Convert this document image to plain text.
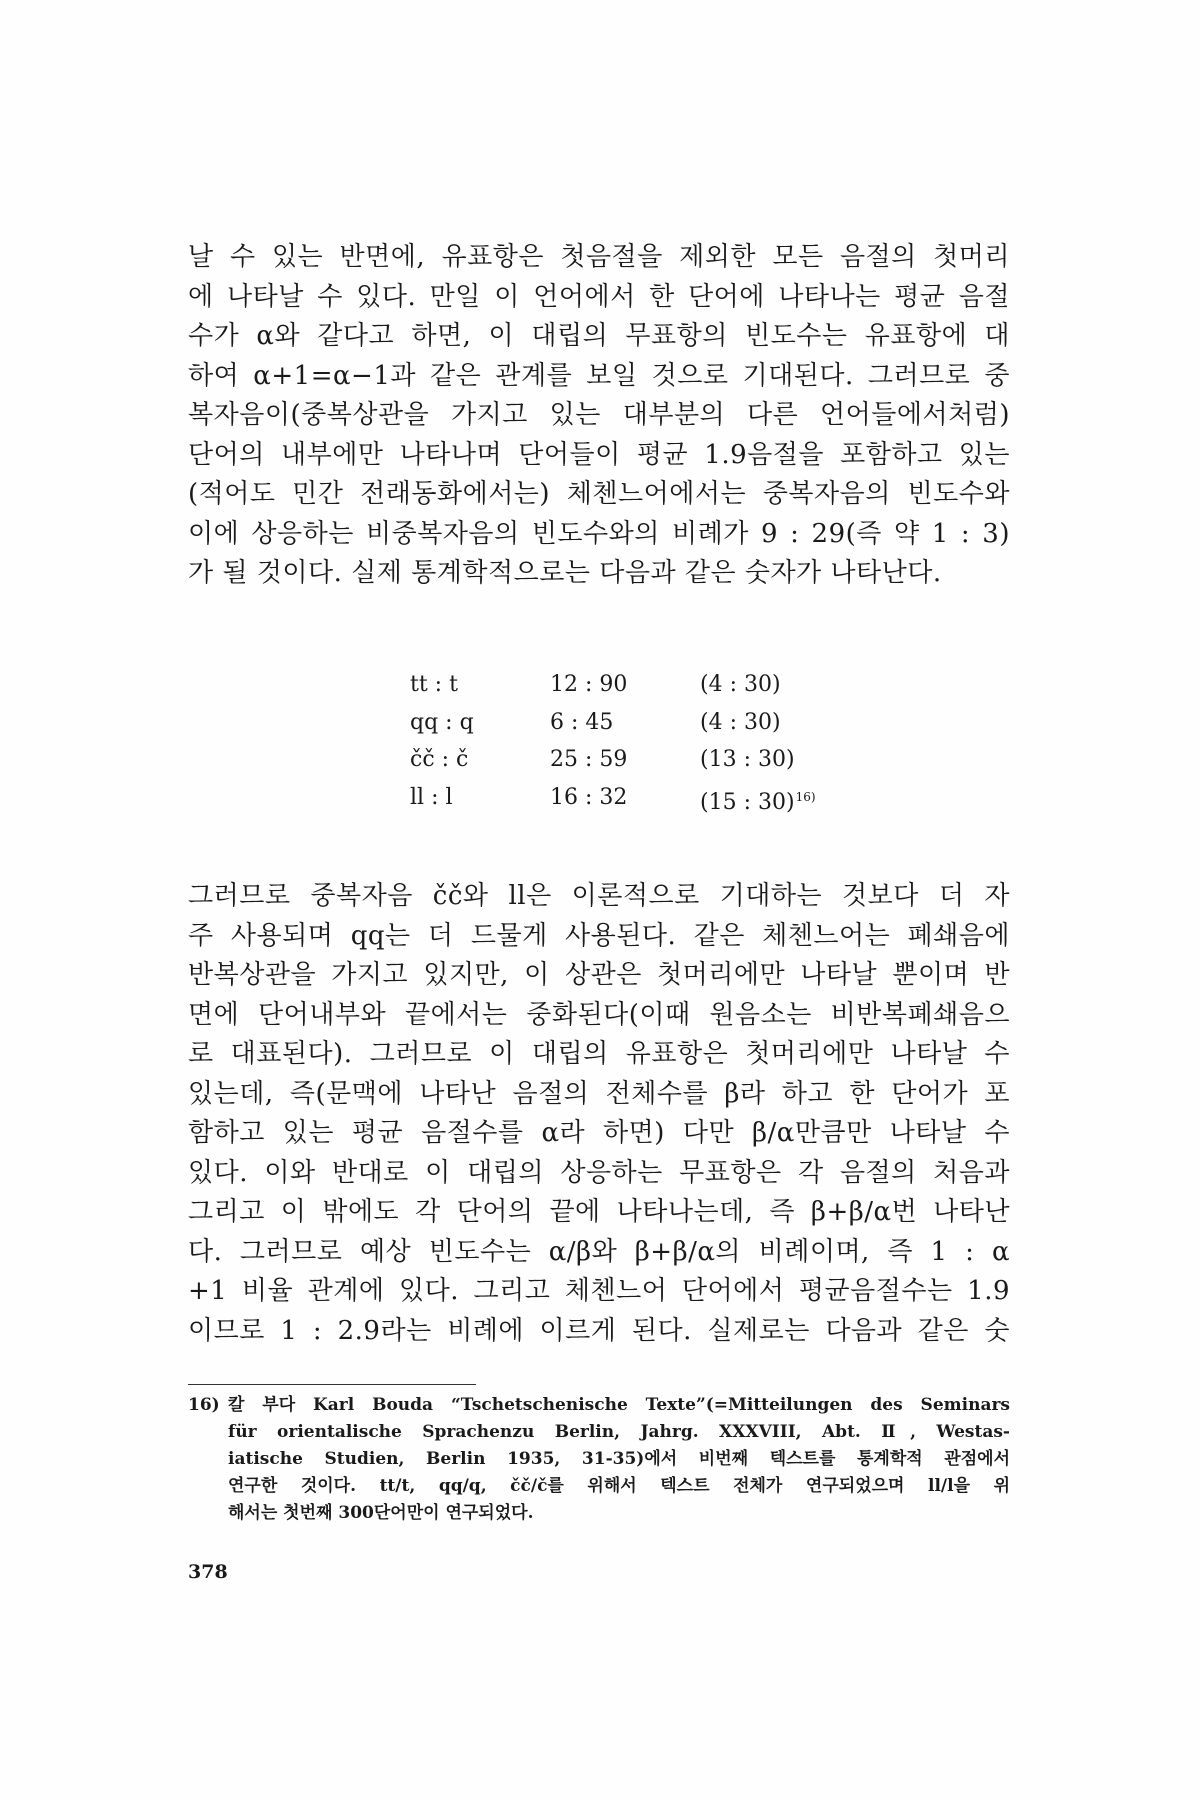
날 수 있는 반면에, 유표항은 첫음절을 제외한 모든 음절의 첫머리
에 나타날 수 있다. 만일 이 언어에서 한 단어에 나타나는 평균 음절
수가 α와 같다고 하면, 이 대립의 무표항의 빈도수는 유표항에 대
하여 α+1=α−1과 같은 관계를 보일 것으로 기대된다. 그러므로 중
복자음이(중복상관을 가지고 있는 대부분의 다른 언어들에서처럼)
단어의 내부에만 나타나며 단어들이 평균 1.9음절을 포함하고 있는
(적어도 민간 전래동화에서는) 체첸느어에서는 중복자음의 빈도수와
이에 상응하는 비중복자음의 빈도수와의 비례가 9 : 29(즉 약 1 : 3)
가 될 것이다. 실제 통계학적으로는 다음과 같은 숫자가 나타난다.
tt : t	12 : 90	(4 : 30)
qq : q	6 : 45	(4 : 30)
čč : č	25 : 59	(13 : 30)
ll : l	16 : 32	(15 : 30)$^{16)}$
그러므로 중복자음 čč와 ll은 이론적으로 기대하는 것보다 더 자
주 사용되며 qq는 더 드물게 사용된다. 같은 체첸느어는 폐쇄음에
반복상관을 가지고 있지만, 이 상관은 첫머리에만 나타날 뿐이며 반
면에 단어내부와 끝에서는 중화된다(이때 원음소는 비반복폐쇄음으
로 대표된다). 그러므로 이 대립의 유표항은 첫머리에만 나타날 수
있는데, 즉(문맥에 나타난 음절의 전체수를 β라 하고 한 단어가 포
함하고 있는 평균 음절수를 α라 하면) 다만 β/α만큼만 나타날 수
있다. 이와 반대로 이 대립의 상응하는 무표항은 각 음절의 처음과
그리고 이 밖에도 각 단어의 끝에 나타나는데, 즉 β+β/α번 나타난
다. 그러므로 예상 빈도수는 α/β와 β+β/α의 비례이며, 즉 1 : α
+1 비율 관계에 있다. 그리고 체첸느어 단어에서 평균음절수는 1.9
이므로 1 : 2.9라는 비례에 이르게 된다. 실제로는 다음과 같은 숫
16) 칼 부다 Karl Bouda “Tschetschenische Texte”(=Mitteilungen des Seminars
für orientalische Sprachenzu Berlin, Jahrg. XXXVIII, Abt. Ⅱ, Westas-
iatische Studien, Berlin 1935, 31-35)에서 비번째 텍스트를 통계학적 관점에서
연구한 것이다. tt/t, qq/q, čč/č를 위해서 텍스트 전체가 연구되었으며 ll/l을 위
해서는 첫번째 300단어만이 연구되었다.
378
